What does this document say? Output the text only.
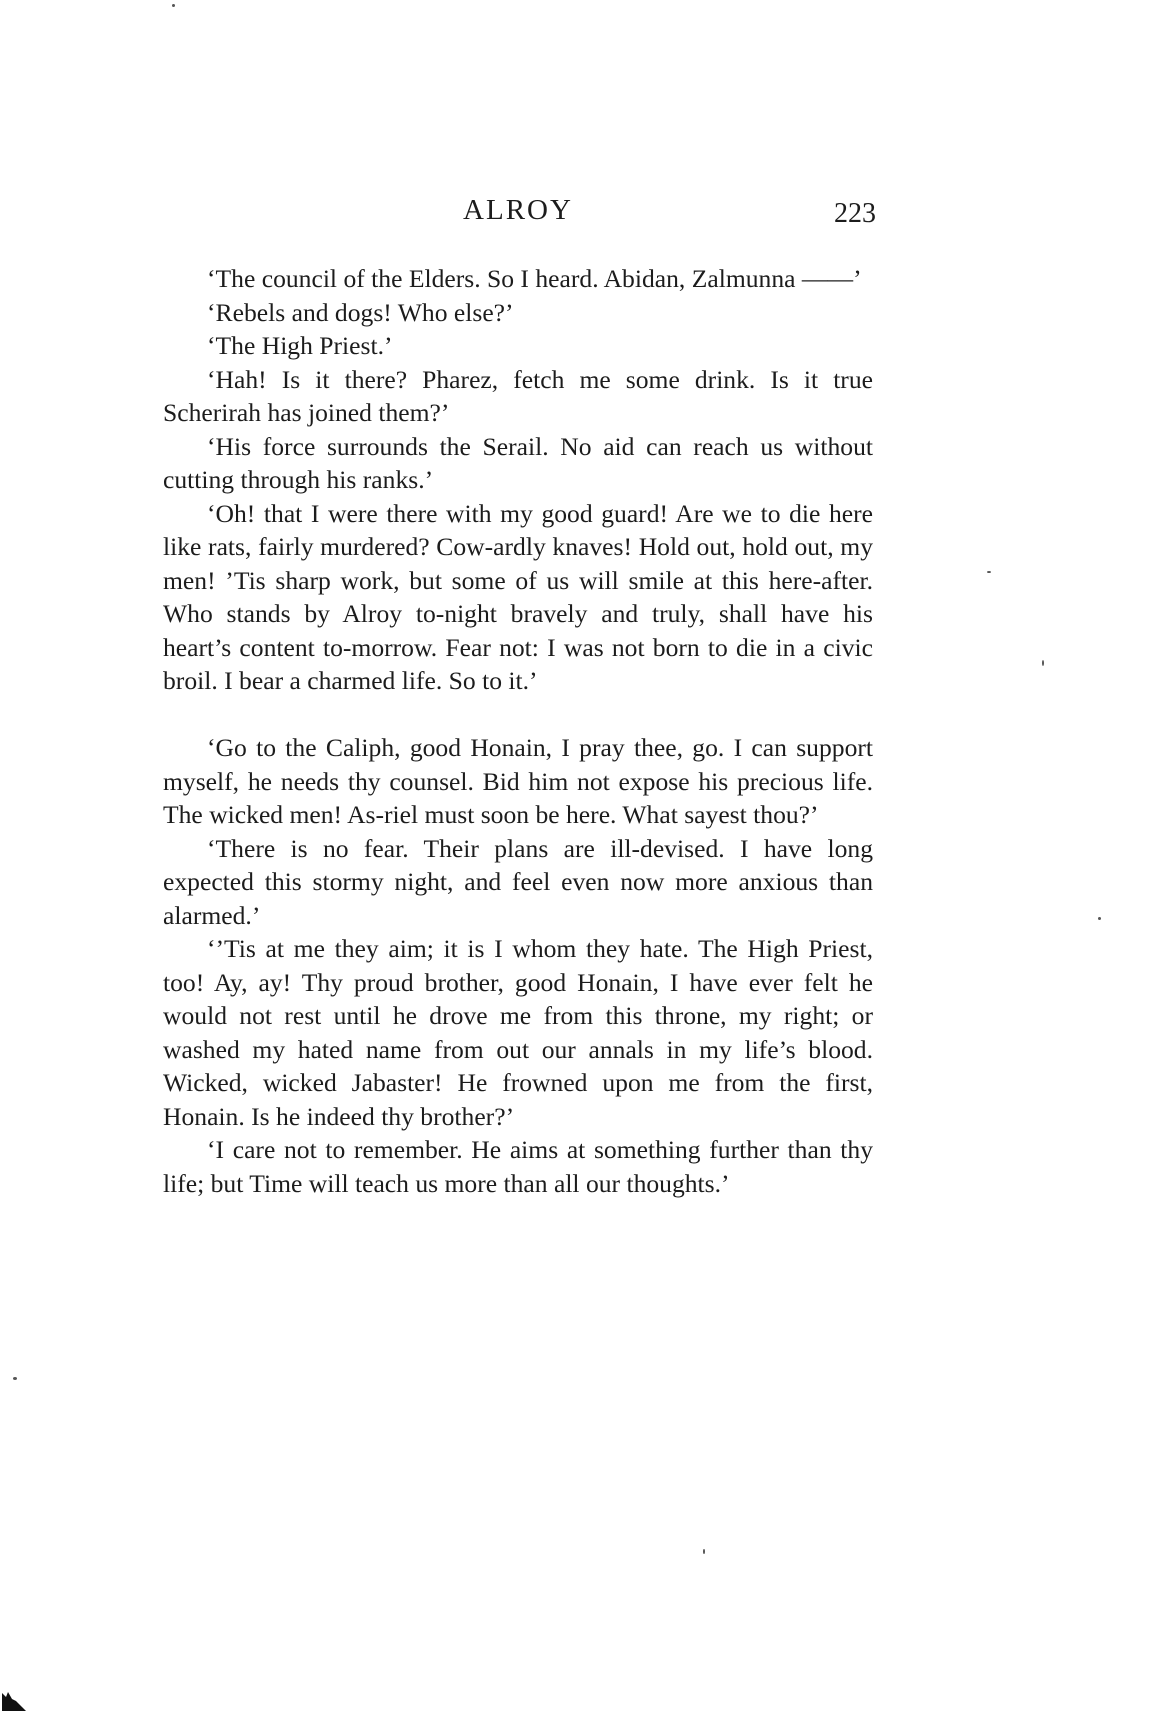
ALROY	223

‘The council of the Elders. So I heard. Abidan, Zalmunna ——’

‘Rebels and dogs! Who else?’

‘The High Priest.’

‘Hah! Is it there? Pharez, fetch me some drink. Is it true Scherirah has joined them?’

‘His force surrounds the Serail. No aid can reach us without cutting through his ranks.’

‘Oh! that I were there with my good guard! Are we to die here like rats, fairly murdered? Cow-ardly knaves! Hold out, hold out, my men! ’Tis sharp work, but some of us will smile at this here-after. Who stands by Alroy to-night bravely and truly, shall have his heart’s content to-morrow. Fear not: I was not born to die in a civic broil. I bear a charmed life. So to it.’

‘Go to the Caliph, good Honain, I pray thee, go. I can support myself, he needs thy counsel. Bid him not expose his precious life. The wicked men! As-riel must soon be here. What sayest thou?’

‘There is no fear. Their plans are ill-devised. I have long expected this stormy night, and feel even now more anxious than alarmed.’

‘’Tis at me they aim; it is I whom they hate. The High Priest, too! Ay, ay! Thy proud brother, good Honain, I have ever felt he would not rest until he drove me from this throne, my right; or washed my hated name from out our annals in my life’s blood. Wicked, wicked Jabaster! He frowned upon me from the first, Honain. Is he indeed thy brother?’

‘I care not to remember. He aims at something further than thy life; but Time will teach us more than all our thoughts.’
